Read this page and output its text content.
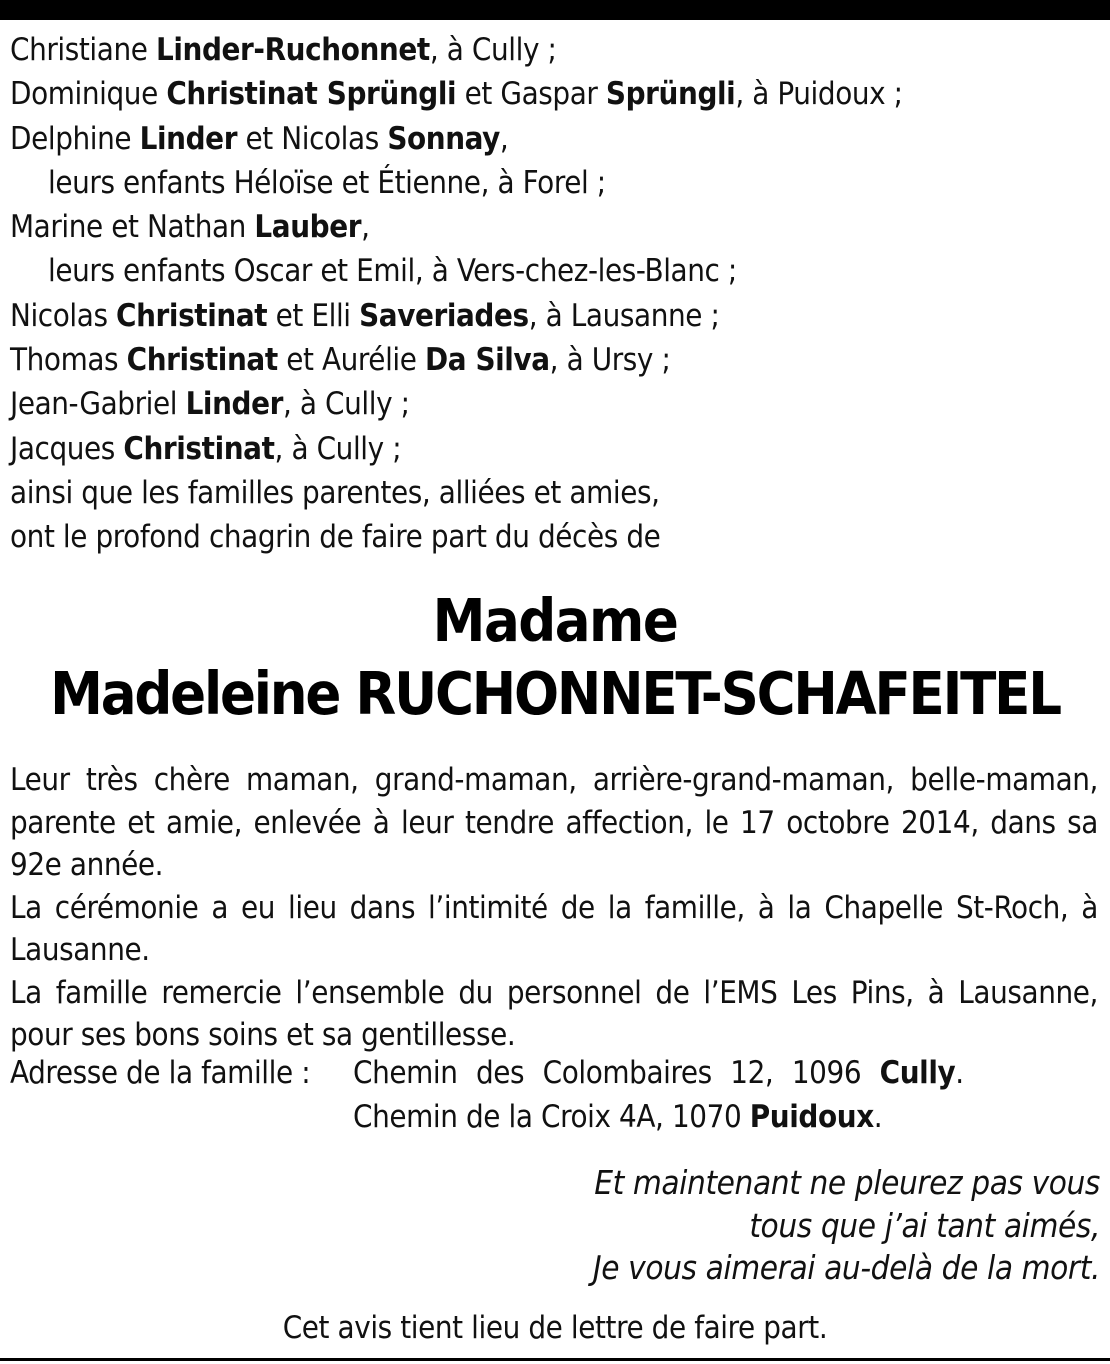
Christiane Linder-Ruchonnet, à Cully ;
Dominique Christinat Sprüngli et Gaspar Sprüngli, à Puidoux ;
Delphine Linder et Nicolas Sonnay,
leurs enfants Héloïse et Étienne, à Forel ;
Marine et Nathan Lauber,
leurs enfants Oscar et Emil, à Vers-chez-les-Blanc ;
Nicolas Christinat et Elli Saveriades, à Lausanne ;
Thomas Christinat et Aurélie Da Silva, à Ursy ;
Jean-Gabriel Linder, à Cully ;
Jacques Christinat, à Cully ;
ainsi que les familles parentes, alliées et amies,
ont le profond chagrin de faire part du décès de
Madame
Madeleine RUCHONNET-SCHAFEITEL
Leur très chère maman, grand-maman, arrière-grand-maman, belle-maman, parente et amie, enlevée à leur tendre affection, le 17 octobre 2014, dans sa 92e année.
La cérémonie a eu lieu dans l’intimité de la famille, à la Chapelle St-Roch, à Lausanne.
La famille remercie l’ensemble du personnel de l’EMS Les Pins, à Lausanne, pour ses bons soins et sa gentillesse.
Adresse de la famille :	Chemin des Colombaires 12, 1096 Cully.
Chemin de la Croix 4A, 1070 Puidoux.
Et maintenant ne pleurez pas vous
tous que j’ai tant aimés,
Je vous aimerai au-delà de la mort.
Cet avis tient lieu de lettre de faire part.
